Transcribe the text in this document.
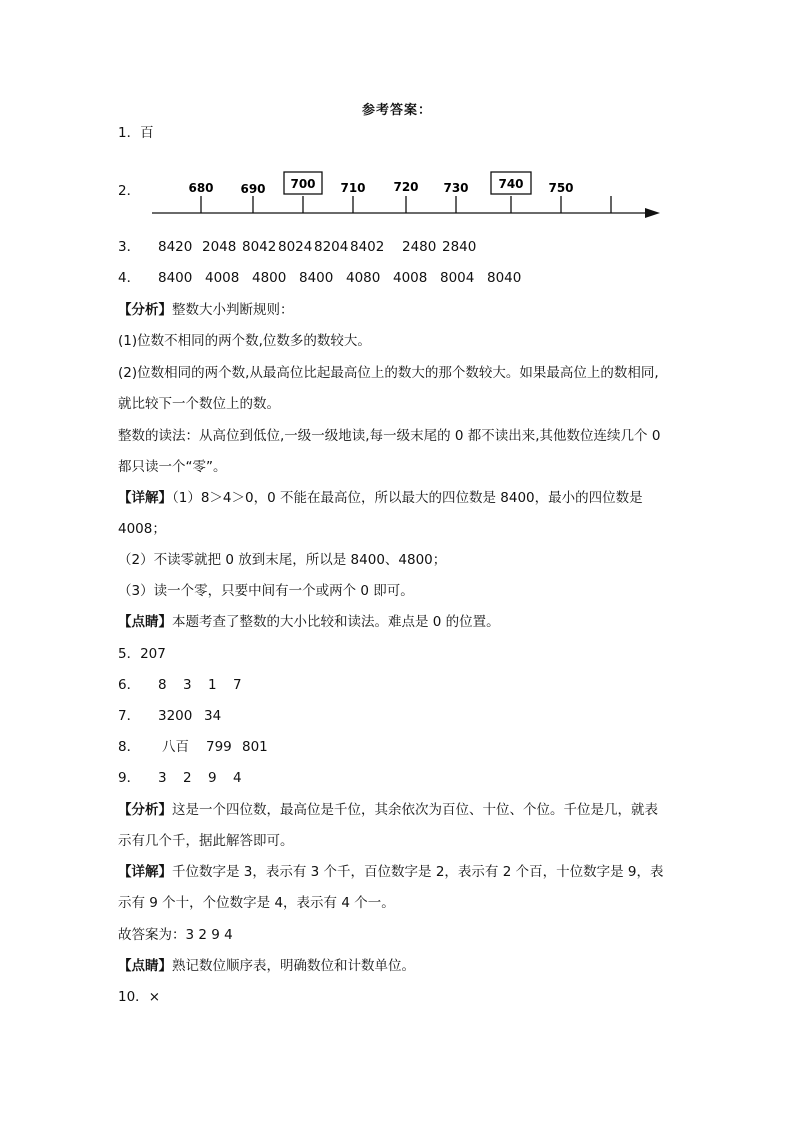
参考答案：
1．百
2．	680 690 700 710 720 730 740 750
3． 8420 2048 8042 8024 8204 8402 2480 2840
4． 8400 4008 4800 8400 4080 4008 8004 8040
【分析】整数大小判断规则：
(1)位数不相同的两个数,位数多的数较大。
(2)位数相同的两个数,从最高位比起最高位上的数大的那个数较大。如果最高位上的数相同,
就比较下一个数位上的数。
整数的读法：从高位到低位,一级一级地读,每一级末尾的 0 都不读出来,其他数位连续几个 0
都只读一个“零”。
【详解】（1）8＞4＞0，0 不能在最高位，所以最大的四位数是 8400，最小的四位数是
4008；
（2）不读零就把 0 放到末尾，所以是 8400、4800；
（3）读一个零，只要中间有一个或两个 0 即可。
【点睛】本题考查了整数的大小比较和读法。难点是 0 的位置。
5．207
6． 8 3 1 7
7． 3200 34
8． 八百 799 801
9． 3 2 9 4
【分析】这是一个四位数，最高位是千位，其余依次为百位、十位、个位。千位是几，就表
示有几个千，据此解答即可。
【详解】千位数字是 3，表示有 3 个千，百位数字是 2，表示有 2 个百，十位数字是 9，表
示有 9 个十，个位数字是 4，表示有 4 个一。
故答案为：3 2 9 4
【点睛】熟记数位顺序表，明确数位和计数单位。
10．×
